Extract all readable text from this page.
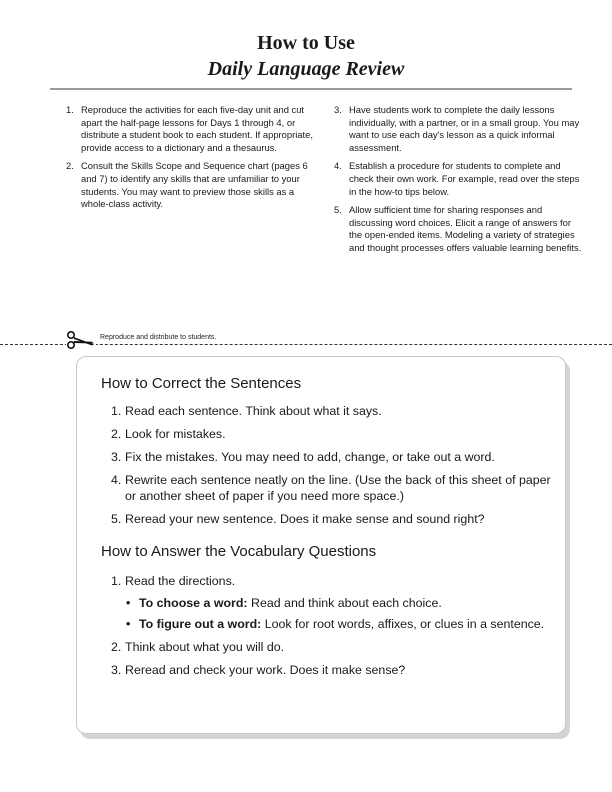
How to Use

Daily Language Review

1. Reproduce the activities for each five-day unit and cut apart the half-page lessons for Days 1 through 4, or distribute a student book to each student. If appropriate, provide access to a dictionary and a thesaurus.
2. Consult the Skills Scope and Sequence chart (pages 6 and 7) to identify any skills that are unfamiliar to your students. You may want to preview those skills as a whole-class activity.
3. Have students work to complete the daily lessons individually, with a partner, or in a small group. You may want to use each day's lesson as a quick informal assessment.
4. Establish a procedure for students to complete and check their own work. For example, read over the steps in the how-to tips below.
5. Allow sufficient time for sharing responses and discussing word choices. Elicit a range of answers for the open-ended items. Modeling a variety of strategies and thought processes offers valuable learning benefits.
Reproduce and distribute to students.
How to Correct the Sentences
1. Read each sentence. Think about what it says.
2. Look for mistakes.
3. Fix the mistakes. You may need to add, change, or take out a word.
4. Rewrite each sentence neatly on the line. (Use the back of this sheet of paper or another sheet of paper if you need more space.)
5. Reread your new sentence. Does it make sense and sound right?
How to Answer the Vocabulary Questions
1. Read the directions.
• To choose a word: Read and think about each choice.
• To figure out a word: Look for root words, affixes, or clues in a sentence.
2. Think about what you will do.
3. Reread and check your work. Does it make sense?
